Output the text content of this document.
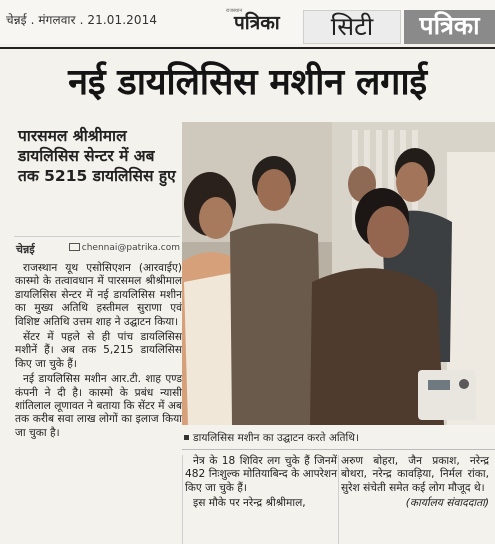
चेन्नई . मंगलवार . 21.01.2014
राजस्थान

पत्रिका	सिटी	पत्रिका
नई डायलिसिस मशीन लगाई
पारसमल श्रीश्रीमाल डायलिसिस सेन्टर में अब तक 5215 डायलिसिस हुए
चेन्नई	chennai@patrika.com

राजस्थान यूथ एसोसिएशन (आरवाईए) कास्मो के तत्वावधान में पारसमल श्रीश्रीमाल डायलिसिस सेन्टर में नई डायलिसिस मशीन का मुख्य अतिथि हस्तीमल सुराणा एवं विशिष्ट अतिथि उत्तम शाह ने उद्घाटन किया।

सेंटर में पहले से ही पांच डायलिसिस मशीनें हैं। अब तक 5,215 डायलिसिस किए जा चुके हैं।

नई डायलिसिस मशीन आर.टी. शाह एण्ड कंपनी ने दी है। कास्मो के प्रबंध न्यासी शांतिलाल लूणावत ने बताया कि सेंटर में अब तक करीब सवा लाख लोगों का इलाज किया जा चुका है।	डायलिसिस मशीन का उद्घाटन करते अतिथि।

नेत्र के 18 शिविर लग चुके हैं जिनमें 482 निःशुल्क मोतियाबिन्द के आपरेशन किए जा चुके हैं।

इस मौके पर नरेन्द्र श्रीश्रीमाल,

अरुण बोहरा, जैन प्रकाश, नरेन्द्र बोथरा, नरेन्द्र कावड़िया, निर्मल रांका, सुरेश संचेती समेत कई लोग मौजूद थे।

(कार्यालय संवाददाता)
